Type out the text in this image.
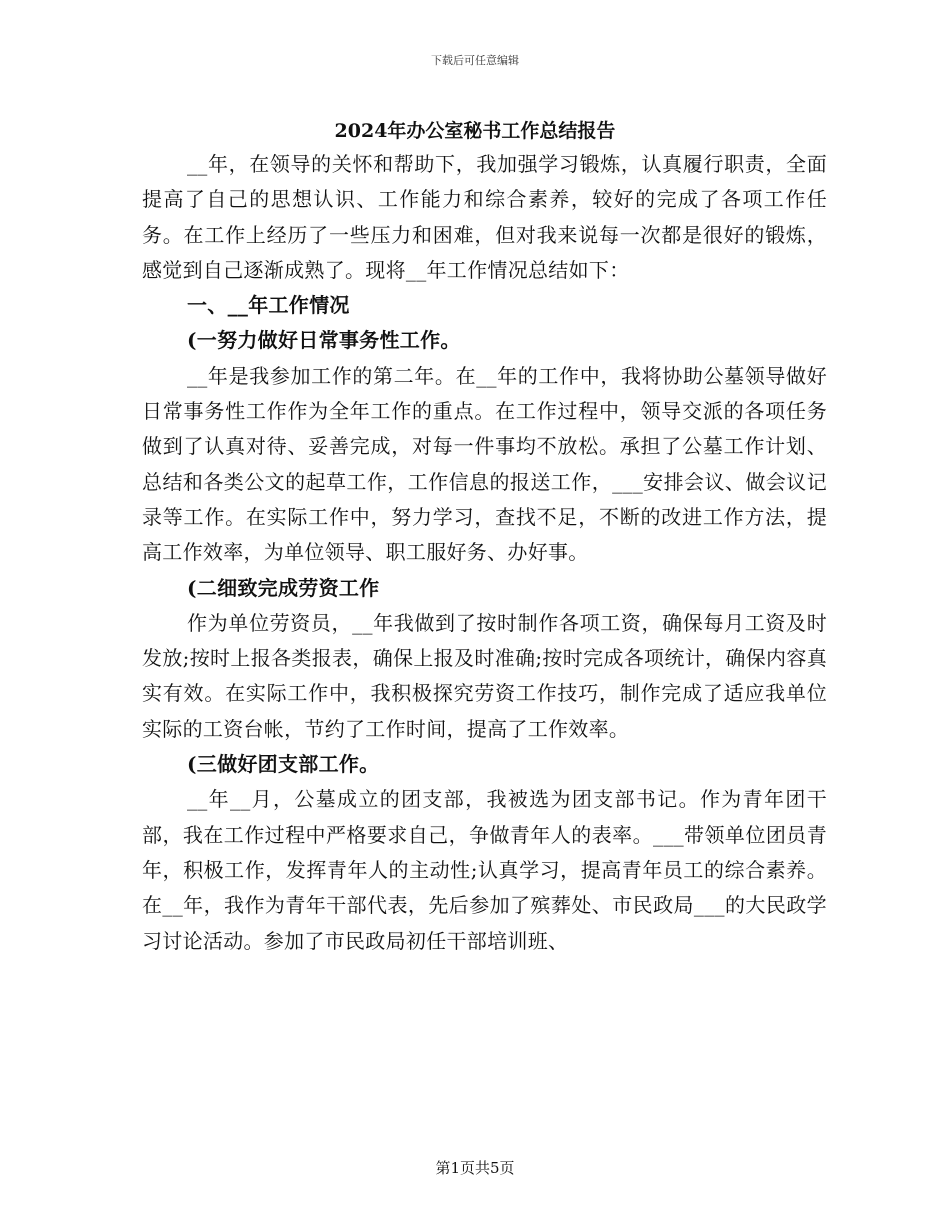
下载后可任意编辑
2024年办公室秘书工作总结报告

__年，在领导的关怀和帮助下，我加强学习锻炼，认真履行职责，全面提高了自己的思想认识、工作能力和综合素养，较好的完成了各项工作任务。在工作上经历了一些压力和困难，但对我来说每一次都是很好的锻炼，感觉到自己逐渐成熟了。现将__年工作情况总结如下：

一、__年工作情况

(一努力做好日常事务性工作。

__年是我参加工作的第二年。在__年的工作中，我将协助公墓领导做好日常事务性工作作为全年工作的重点。在工作过程中，领导交派的各项任务做到了认真对待、妥善完成，对每一件事均不放松。承担了公墓工作计划、总结和各类公文的起草工作，工作信息的报送工作，___安排会议、做会议记录等工作。在实际工作中，努力学习，查找不足，不断的改进工作方法，提高工作效率，为单位领导、职工服好务、办好事。

(二细致完成劳资工作

作为单位劳资员，__年我做到了按时制作各项工资，确保每月工资及时发放;按时上报各类报表，确保上报及时准确;按时完成各项统计，确保内容真实有效。在实际工作中，我积极探究劳资工作技巧，制作完成了适应我单位实际的工资台帐，节约了工作时间，提高了工作效率。

(三做好团支部工作。

__年__月，公墓成立的团支部，我被选为团支部书记。作为青年团干部，我在工作过程中严格要求自己，争做青年人的表率。___带领单位团员青年，积极工作，发挥青年人的主动性;认真学习，提高青年员工的综合素养。在__年，我作为青年干部代表，先后参加了殡葬处、市民政局___的大民政学习讨论活动。参加了市民政局初任干部培训班、

第1页共5页
